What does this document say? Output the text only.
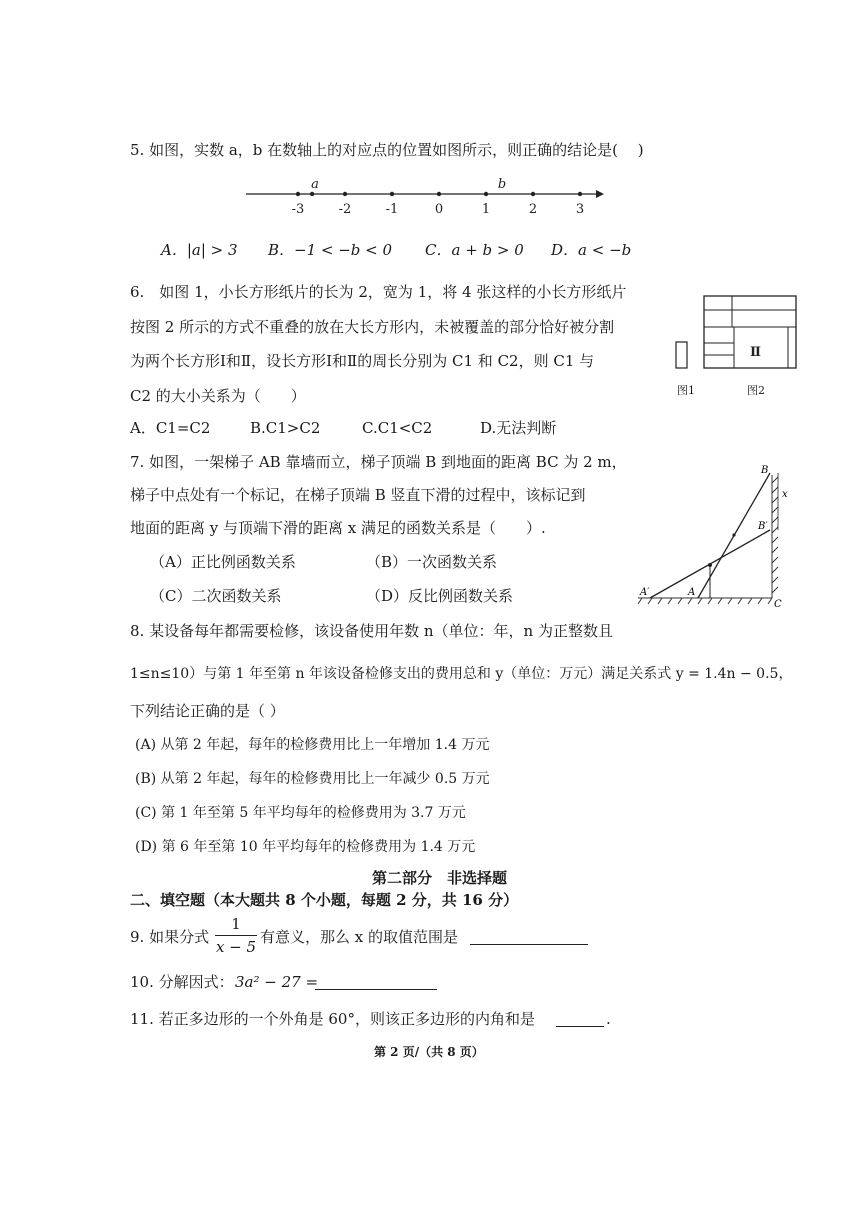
5. 如图，实数 a，b 在数轴上的对应点的位置如图所示，则正确的结论是(　 )
-3	-2	-1	0	1	2	3
a	b
A．|a| > 3 B．−1 < −b < 0 C．a + b > 0 D．a < −b
6.　如图 1，小长方形纸片的长为 2，宽为 1，将 4 张这样的小长方形纸片
按图 2 所示的方式不重叠的放在大长方形内，未被覆盖的部分恰好被分割
为两个长方形Ⅰ和Ⅱ，设长方形Ⅰ和Ⅱ的周长分别为 C1 和 C2，则 C1 与
C2 的大小关系为（　　）
A．C1=C2	B.C1>C2	C.C1<C2	D.无法判断
Ⅱ
图1	图2
7. 如图，一架梯子 AB 靠墙而立，梯子顶端 B 到地面的距离 BC 为 2 m，
梯子中点处有一个标记，在梯子顶端 B 竖直下滑的过程中，该标记到
地面的距离 y 与顶端下滑的距离 x 满足的函数关系是（　　）.
（A）正比例函数关系	（B）一次函数关系
（C）二次函数关系	（D）反比例函数关系
B
B′
x
A
A′
C
8. 某设备每年都需要检修，该设备使用年数 n（单位：年，n 为正整数且
1≤n≤10）与第 1 年至第 n 年该设备检修支出的费用总和 y（单位：万元）满足关系式 y = 1.4n − 0.5，
下列结论正确的是（ ）
(A) 从第 2 年起，每年的检修费用比上一年增加 1.4 万元
(B) 从第 2 年起，每年的检修费用比上一年减少 0.5 万元
(C) 第 1 年至第 5 年平均每年的检修费用为 3.7 万元
(D) 第 6 年至第 10 年平均每年的检修费用为 1.4 万元
第二部分　非选择题
二、填空题（本大题共 8 个小题，每题 2 分，共 16 分）
9. 如果分式 $\frac{1}{x - 5}$ 有意义，那么 x 的取值范围是
10. 分解因式： 3a² − 27 =
11. 若正多边形的一个外角是 60°，则该正多边形的内角和是	.
第 2 页/（共 8 页）
